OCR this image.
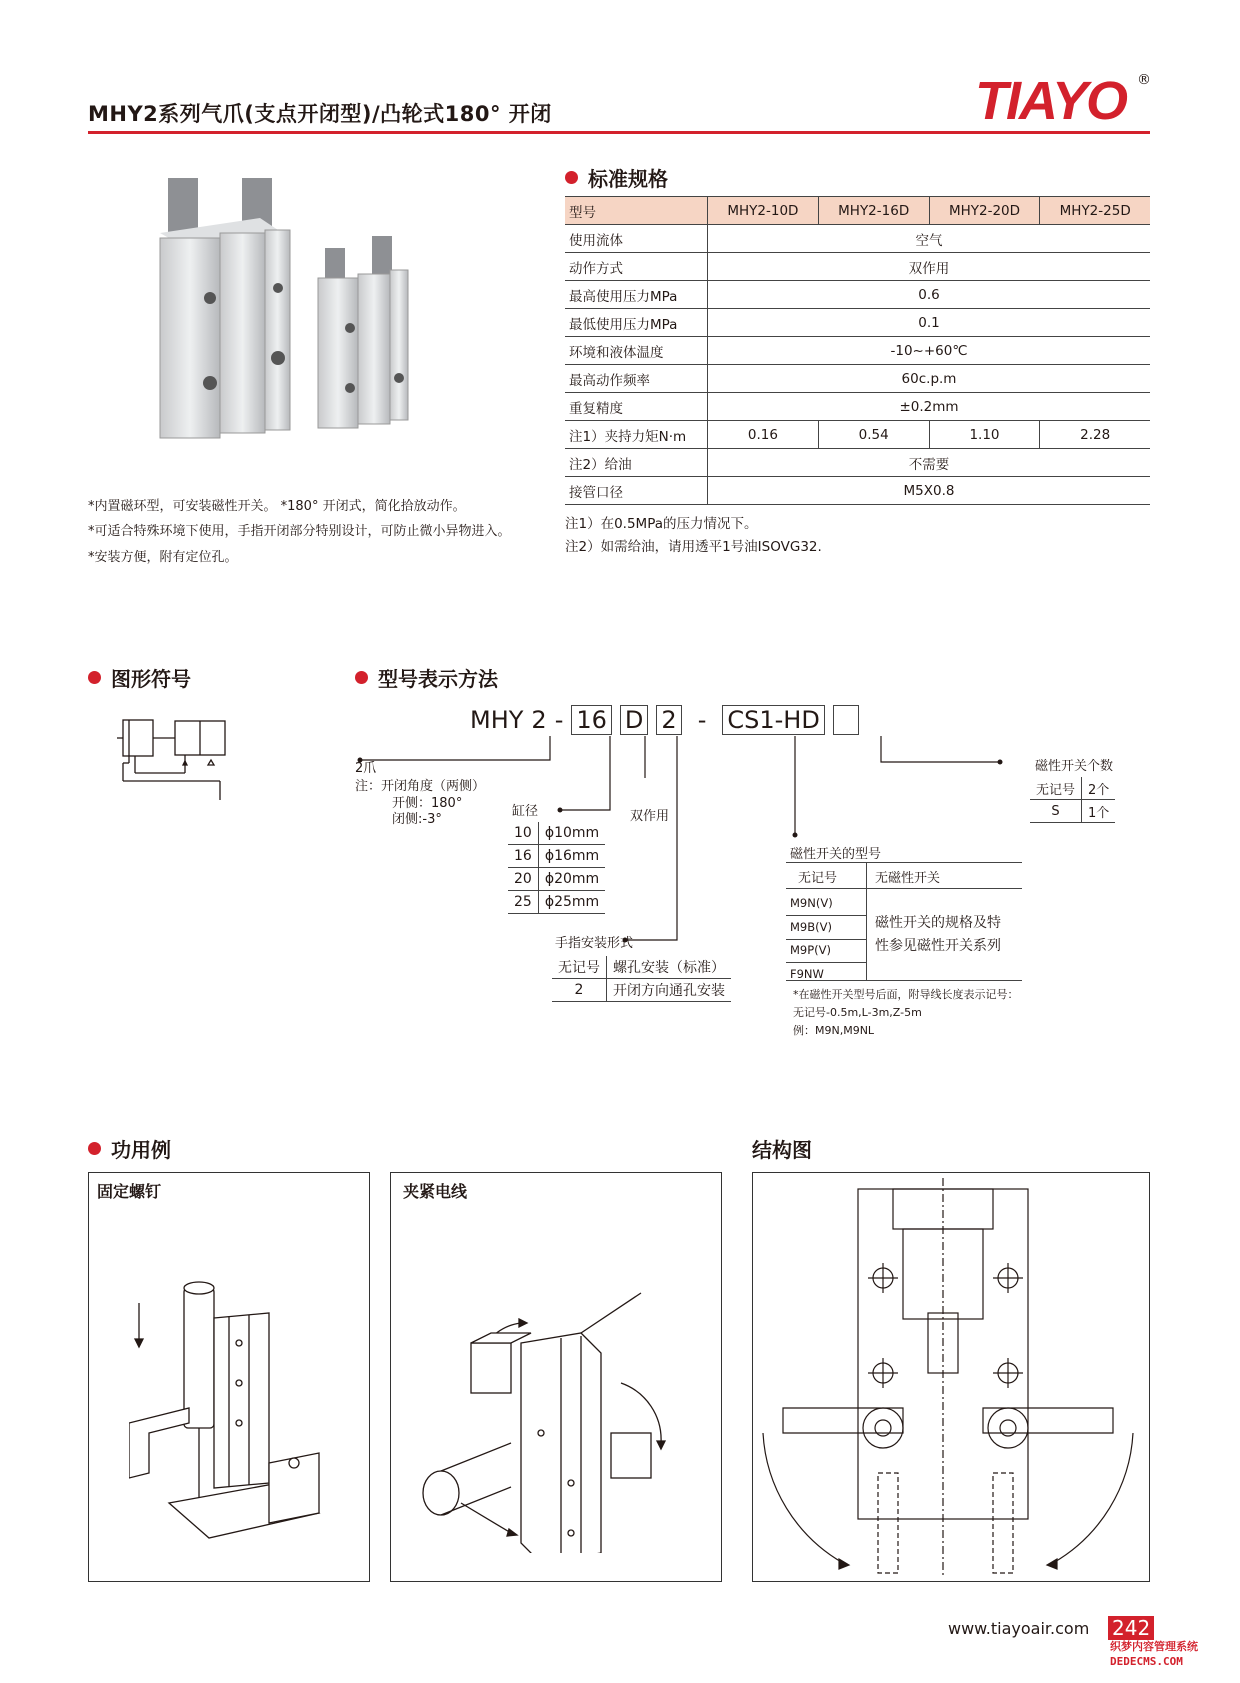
MHY2系列气爪(支点开闭型)/凸轮式180° 开闭	TIAYO ®
*内置磁环型，可安装磁性开关。 *180° 开闭式，简化拾放动作。
*可适合特殊环境下使用，手指开闭部分特别设计，可防止微小异物进入。
*安装方便，附有定位孔。
标准规格
型号	MHY2-10D	MHY2-16D	MHY2-20D	MHY2-25D
使用流体	空气			
动作方式	双作用			
最高使用压力MPa	0.6			
最低使用压力MPa	0.1			
环境和液体温度	-10~+60℃			
最高动作频率	60c.p.m			
重复精度	±0.2mm			
注1）夹持力矩N·m	0.16	0.54	1.10	2.28
注2）给油	不需要			
接管口径	M5X0.8			
注1）在0.5MPa的压力情况下。
注2）如需给油，请用透平1号油ISOVG32.
图形符号	型号表示方法
MHY 2 - 16 D 2 - CS1-HD
2爪
注：开闭角度（两侧）
开侧：180°
闭侧:-3°
缸径
10	ϕ10mm
16	ϕ16mm
20	ϕ20mm
25	ϕ25mm
双作用
手指安装形式
无记号	螺孔安装（标准）
2	开闭方向通孔安装
磁性开关个数
无记号	2个
S	1个
磁性开关的型号
无记号	无磁性开关
M9N(V)
M9B(V)
M9P(V)
F9NW
磁性开关的规格及特
性参见磁性开关系列
*在磁性开关型号后面，附导线长度表示记号：
无记号-0.5m,L-3m,Z-5m
例：M9N,M9NL
功用例	结构图
固定螺钉	夹紧电线
www.tiayoair.com 242
织梦内容管理系统
DEDECMS.COM
